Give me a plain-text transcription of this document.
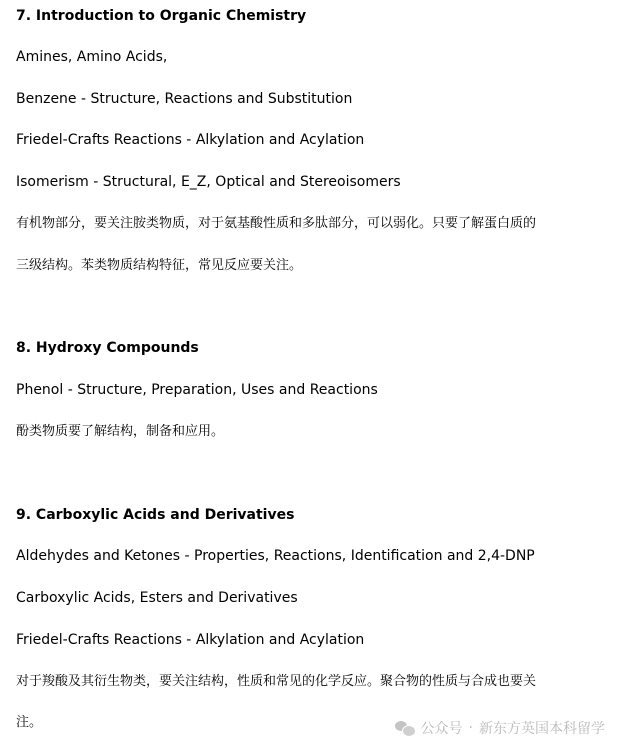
7. Introduction to Organic Chemistry
Amines, Amino Acids,
Benzene - Structure, Reactions and Substitution
Friedel-Crafts Reactions - Alkylation and Acylation
Isomerism - Structural, E_Z, Optical and Stereoisomers
有机物部分，要关注胺类物质，对于氨基酸性质和多肽部分，可以弱化。只要了解蛋白质的
三级结构。苯类物质结构特征，常见反应要关注。
8. Hydroxy Compounds
Phenol - Structure, Preparation, Uses and Reactions
酚类物质要了解结构，制备和应用。
9. Carboxylic Acids and Derivatives
Aldehydes and Ketones - Properties, Reactions, Identification and 2,4-DNP
Carboxylic Acids, Esters and Derivatives
Friedel-Crafts Reactions - Alkylation and Acylation
对于羧酸及其衍生物类，要关注结构，性质和常见的化学反应。聚合物的性质与合成也要关
注。	公众号 · 新东方英国本科留学
